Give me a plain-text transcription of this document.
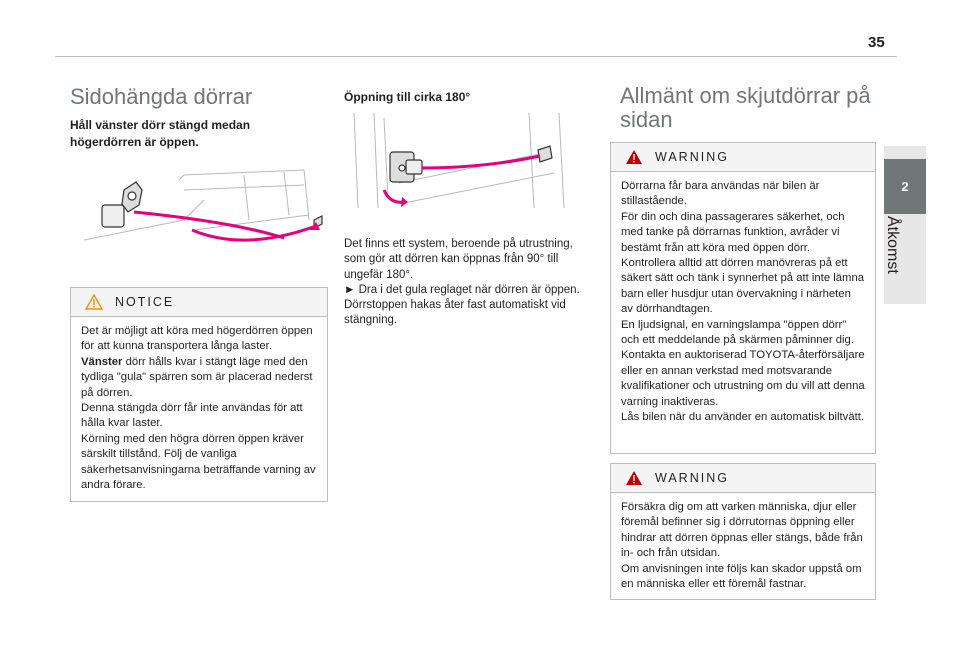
35
2
Åtkomst
Sidohängda dörrar
Håll vänster dörr stängd medan högerdörren är öppen.
NOTICE

Det är möjligt att köra med högerdörren öppen för att kunna transportera långa laster.

Vänster dörr hålls kvar i stängt läge med den tydliga "gula" spärren som är placerad nederst på dörren.

Denna stängda dörr får inte användas för att hålla kvar laster.

Körning med den högra dörren öppen kräver särskilt tillstånd. Följ de vanliga säkerhetsanvisningarna beträffande varning av andra förare.

Öppning till cirka 180°
Det finns ett system, beroende på utrustning, som gör att dörren kan öppnas från 90° till ungefär 180°.
► Dra i det gula reglaget när dörren är öppen.
Dörrstoppen hakas åter fast automatiskt vid stängning.
Allmänt om skjutdörrar på sidan
WARNING

Dörrarna får bara användas när bilen är stillastående.

För din och dina passagerares säkerhet, och med tanke på dörrarnas funktion, avråder vi bestämt från att köra med öppen dörr.

Kontrollera alltid att dörren manövreras på ett säkert sätt och tänk i synnerhet på att inte lämna barn eller husdjur utan övervakning i närheten av dörrhandtagen.

En ljudsignal, en varningslampa "öppen dörr" och ett meddelande på skärmen påminner dig. Kontakta en auktoriserad TOYOTA-återförsäljare eller en annan verkstad med motsvarande kvalifikationer och utrustning om du vill att denna varning inaktiveras.

Lås bilen när du använder en automatisk biltvätt.

WARNING

Försäkra dig om att varken människa, djur eller föremål befinner sig i dörrutornas öppning eller hindrar att dörren öppnas eller stängs, både från in- och från utsidan.

Om anvisningen inte följs kan skador uppstå om en människa eller ett föremål fastnar.
